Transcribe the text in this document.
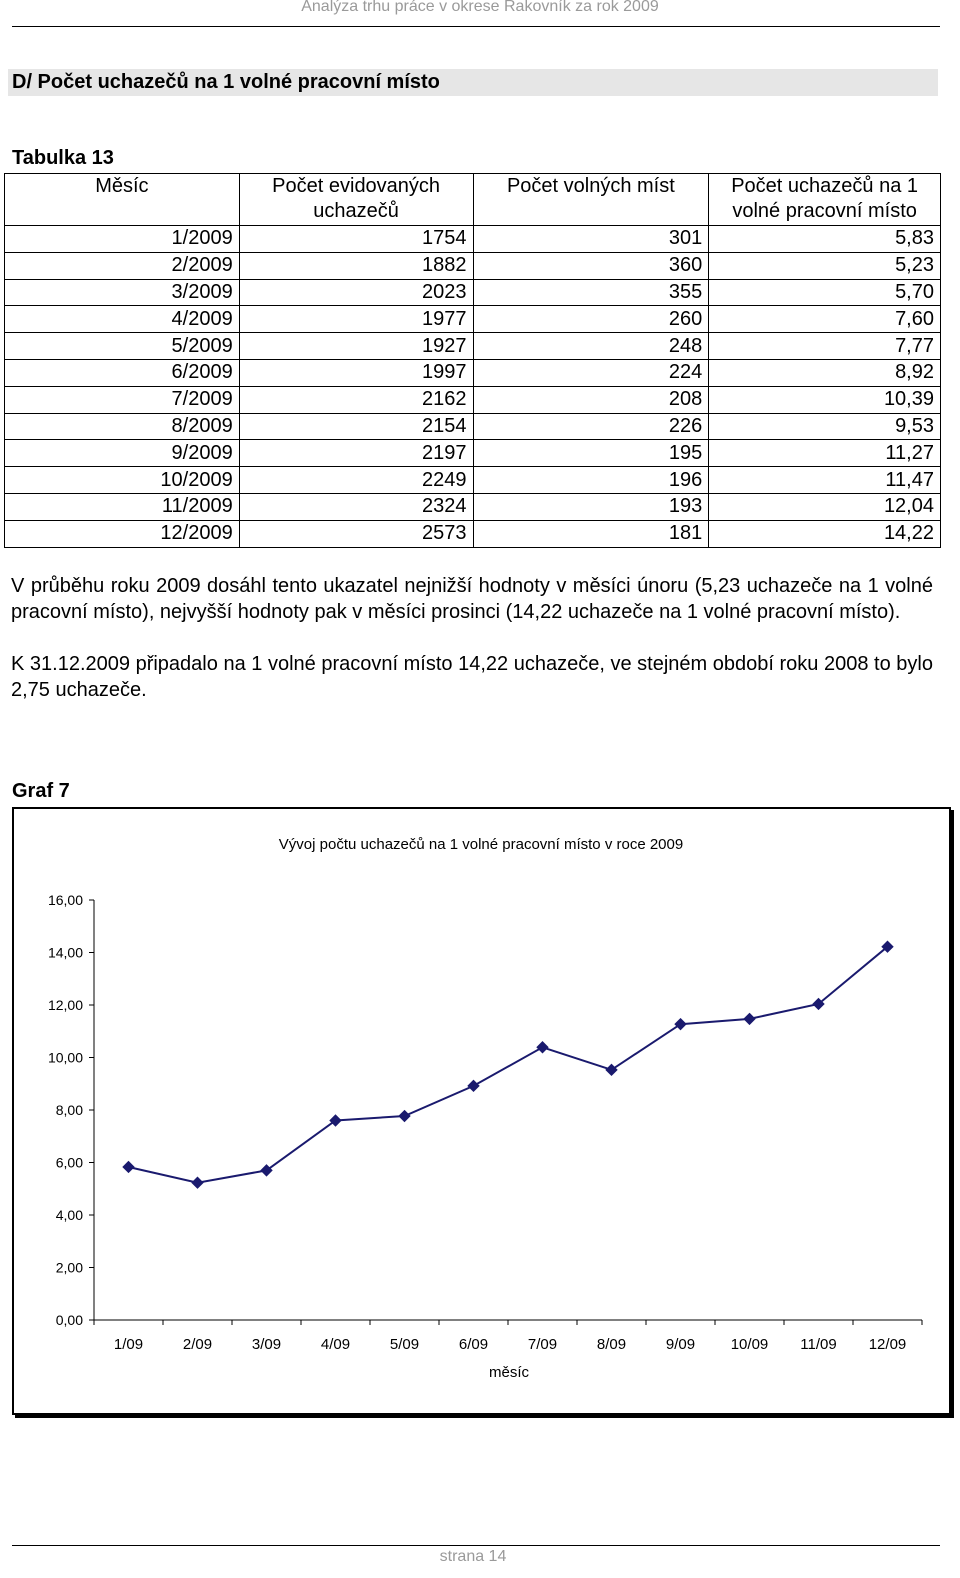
Analýza trhu práce v okrese Rakovník za rok 2009
D/ Počet uchazečů na 1 volné pracovní místo
Tabulka 13
Měsíc	Počet evidovaných uchazečů	Počet volných míst	Počet uchazečů na 1 volné pracovní místo
1/2009	1754	301	5,83
2/2009	1882	360	5,23
3/2009	2023	355	5,70
4/2009	1977	260	7,60
5/2009	1927	248	7,77
6/2009	1997	224	8,92
7/2009	2162	208	10,39
8/2009	2154	226	9,53
9/2009	2197	195	11,27
10/2009	2249	196	11,47
11/2009	2324	193	12,04
12/2009	2573	181	14,22
V průběhu roku 2009 dosáhl tento ukazatel nejnižší hodnoty v měsíci únoru (5,23 uchazeče na 1 volné pracovní místo), nejvyšší hodnoty pak v měsíci prosinci (14,22 uchazeče na 1 volné pracovní místo).
K 31.12.2009 připadalo na 1 volné pracovní místo 14,22 uchazeče, ve stejném období roku 2008 to bylo 2,75 uchazeče.
Graf 7
Vývoj počtu uchazečů na 1 volné pracovní místo v roce 2009
0,00
2,00
4,00
6,00
8,00
10,00
12,00
14,00
16,00
1/09	2/09	3/09	4/09	5/09	6/09	7/09	8/09	9/09 10/09 11/09 12/09
měsíc
strana 14
